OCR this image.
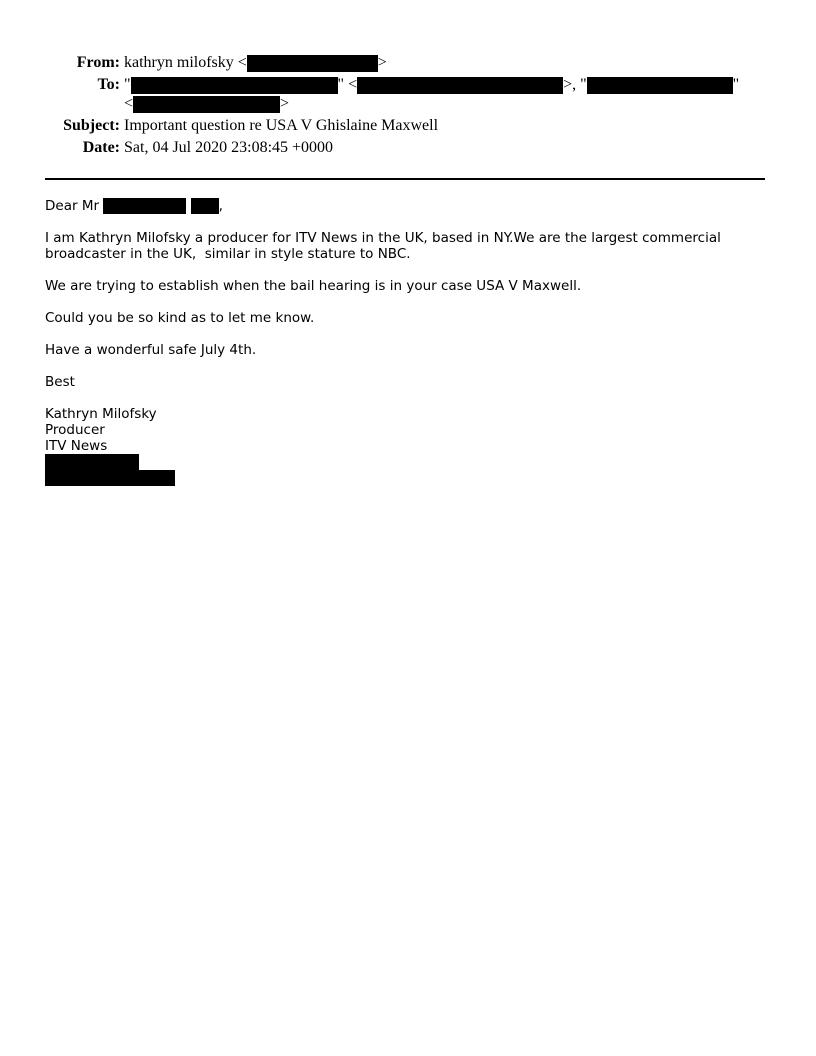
From: kathryn milofsky <	>
To: "	" <	>, "	"
<	>
Subject: Important question re USA V Ghislaine Maxwell
Date: Sat, 04 Jul 2020 23:08:45 +0000

Dear Mr	,

I am Kathryn Milofsky a producer for ITV News in the UK, based in NY.We are the largest commercial broadcaster in the UK,  similar in style stature to NBC.

We are trying to establish when the bail hearing is in your case USA V Maxwell.

Could you be so kind as to let me know.

Have a wonderful safe July 4th.

Best

Kathryn Milofsky
Producer
ITV News
